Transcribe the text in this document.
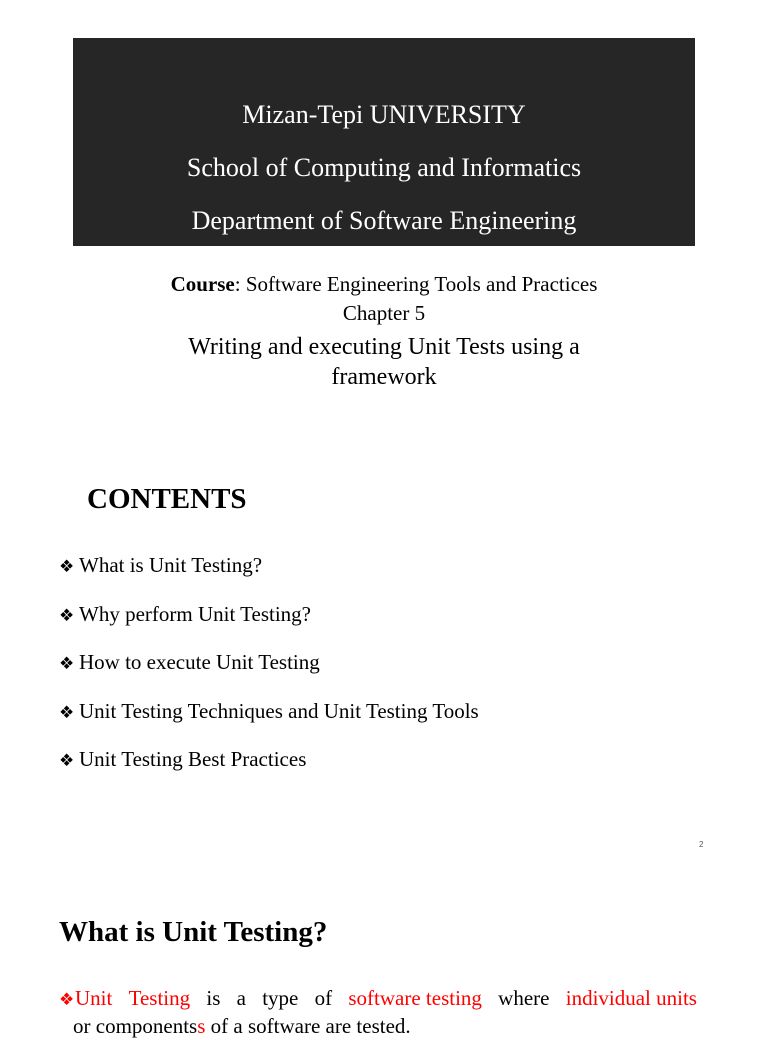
Mizan-Tepi UNIVERSITY
School of Computing and Informatics
Department of Software Engineering
Course: Software Engineering Tools and Practices
Chapter 5
Writing and executing Unit Tests using a framework
CONTENTS
❖ What is Unit Testing?
❖ Why perform Unit Testing?
❖ How to execute Unit Testing
❖ Unit Testing Techniques and Unit Testing Tools
❖ Unit Testing Best Practices
2
What is Unit Testing?
❖Unit Testing is a type of software testing where individual units
or componentss of a software are tested.
